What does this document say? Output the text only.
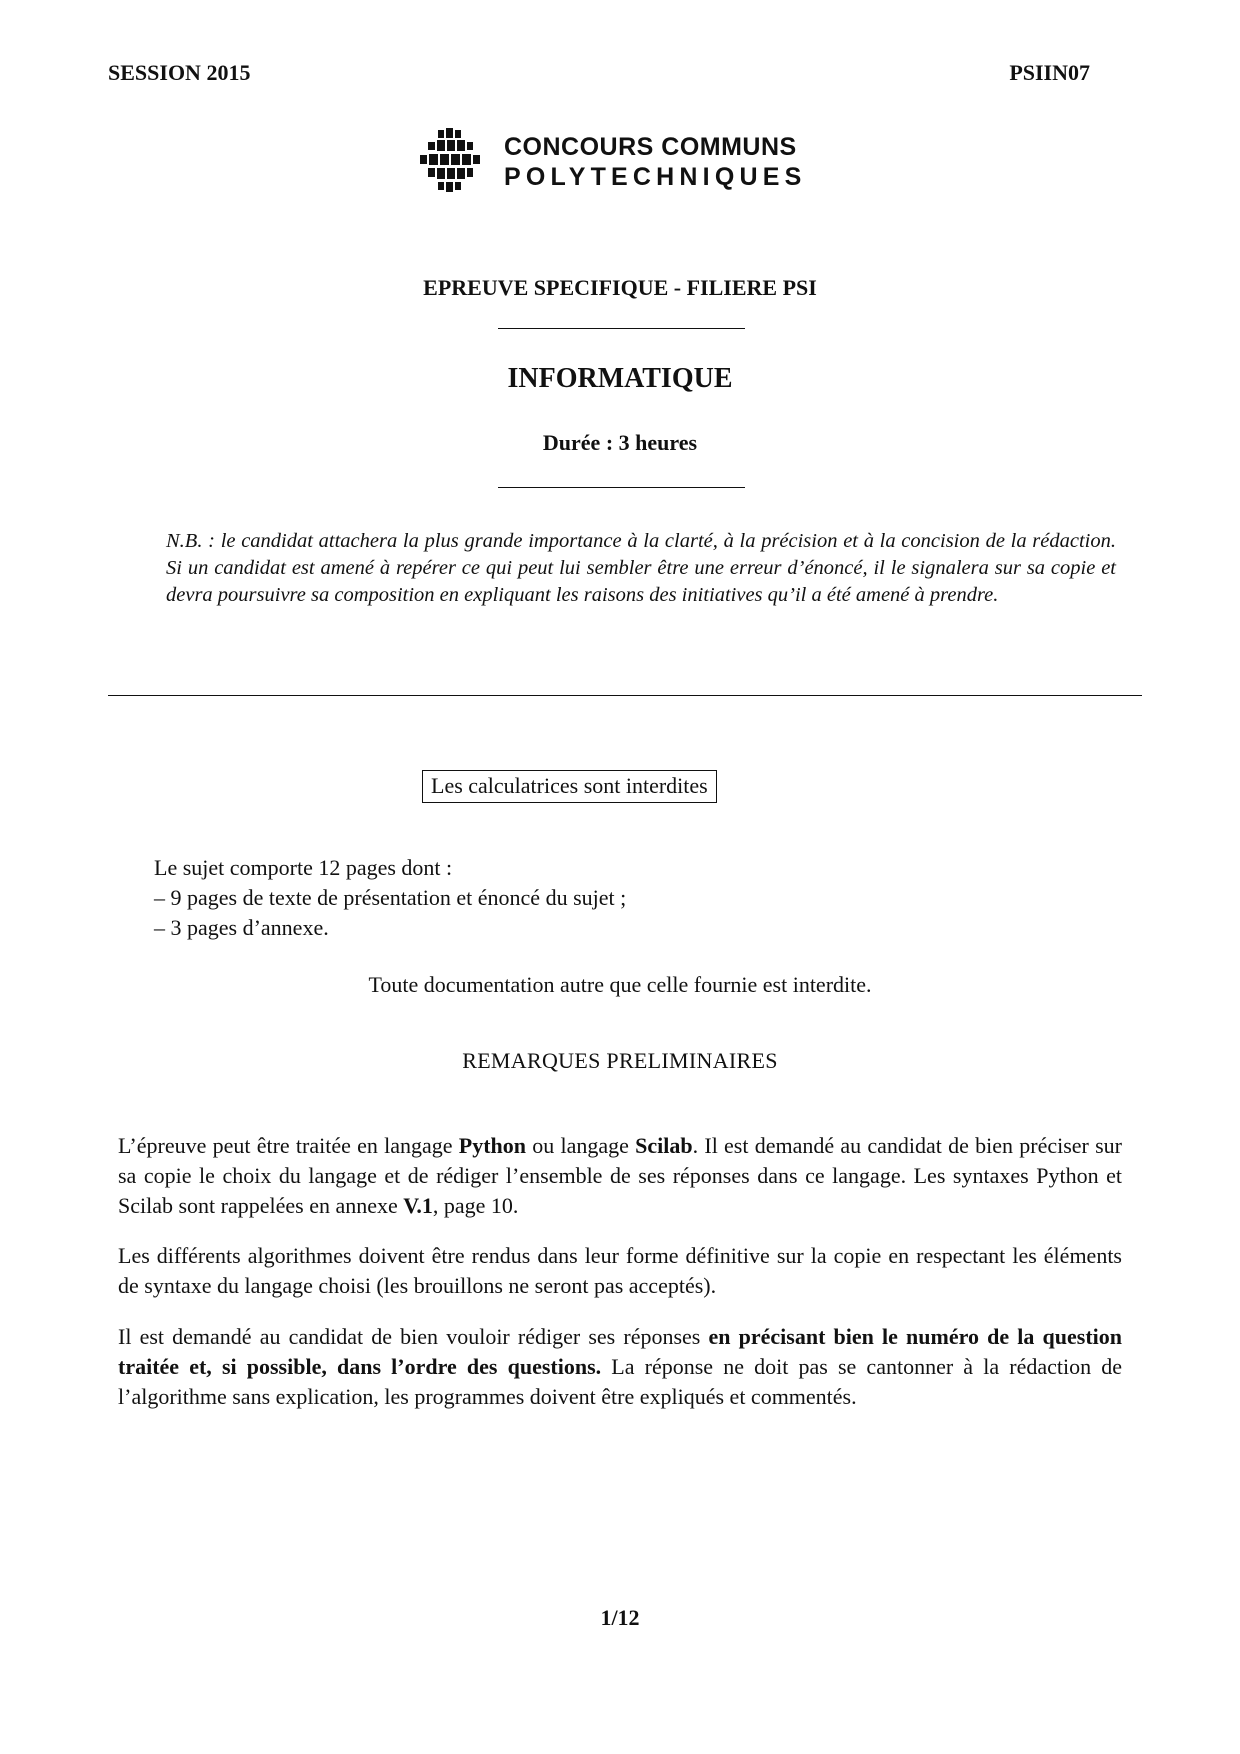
SESSION 2015	PSIIN07
CONCOURS COMMUNS
POLYTECHNIQUES
EPREUVE SPECIFIQUE - FILIERE PSI
INFORMATIQUE
Durée : 3 heures
N.B. : le candidat attachera la plus grande importance à la clarté, à la précision et à la concision de la rédaction. Si un candidat est amené à repérer ce qui peut lui sembler être une erreur d’énoncé, il le signalera sur sa copie et devra poursuivre sa composition en expliquant les raisons des initiatives qu’il a été amené à prendre.
Les calculatrices sont interdites
Le sujet comporte 12 pages dont :
– 9 pages de texte de présentation et énoncé du sujet ;
– 3 pages d’annexe.
Toute documentation autre que celle fournie est interdite.
REMARQUES PRELIMINAIRES
L’épreuve peut être traitée en langage Python ou langage Scilab. Il est demandé au candidat de bien préciser sur sa copie le choix du langage et de rédiger l’ensemble de ses réponses dans ce langage. Les syntaxes Python et Scilab sont rappelées en annexe V.1, page 10.
Les différents algorithmes doivent être rendus dans leur forme définitive sur la copie en respectant les éléments de syntaxe du langage choisi (les brouillons ne seront pas acceptés).
Il est demandé au candidat de bien vouloir rédiger ses réponses en précisant bien le numéro de la question traitée et, si possible, dans l’ordre des questions. La réponse ne doit pas se cantonner à la rédaction de l’algorithme sans explication, les programmes doivent être expliqués et commentés.
1/12
